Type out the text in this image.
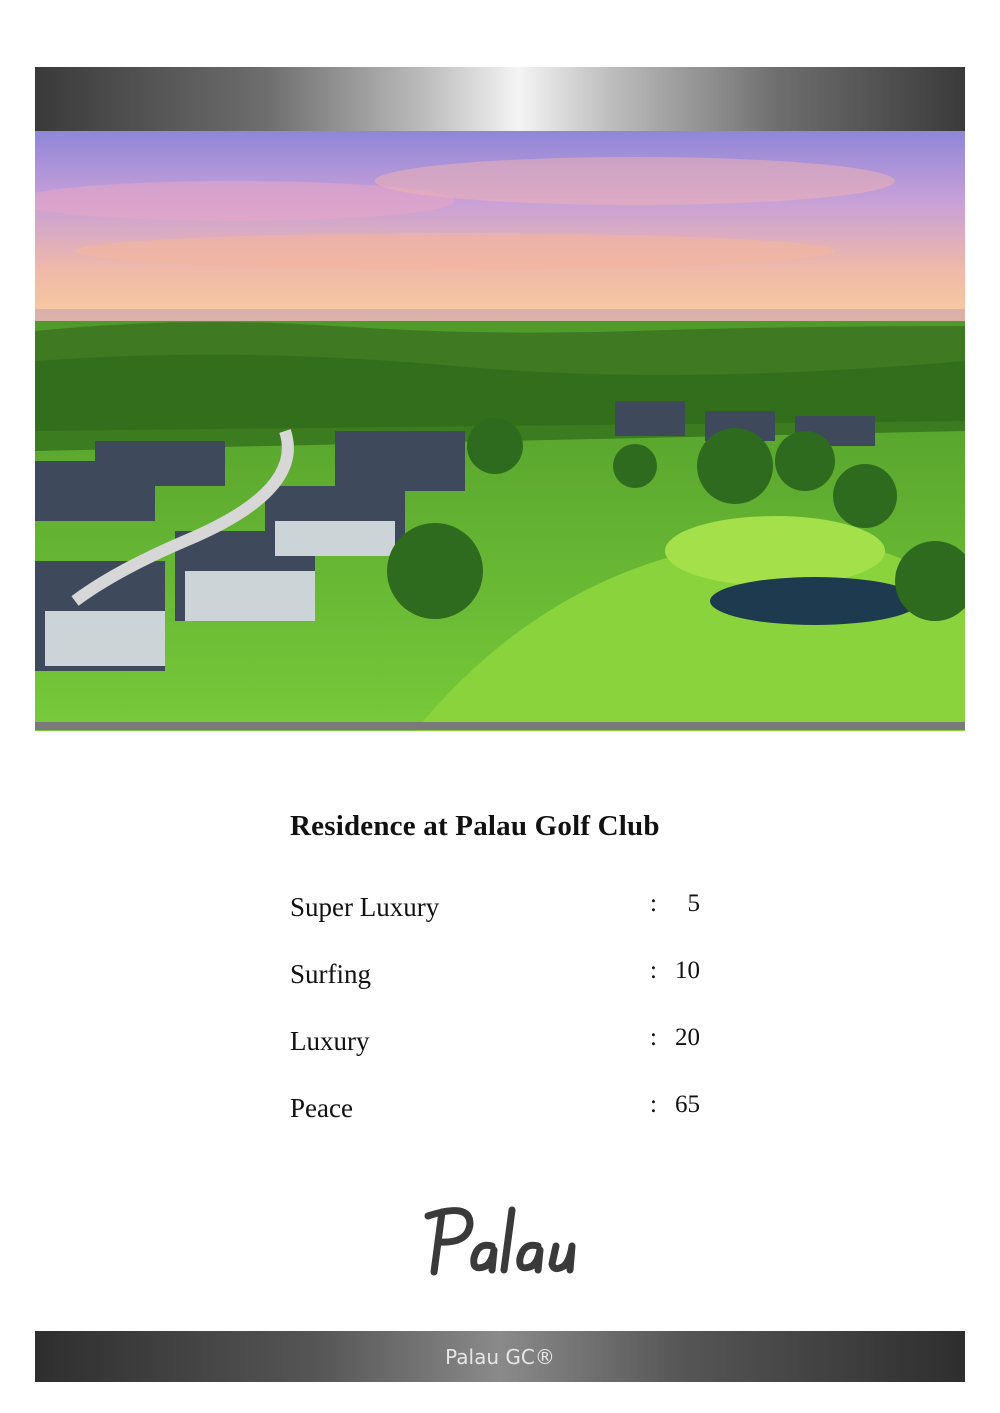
Residence at Palau Golf Club
Super Luxury	: 5
Surfing	: 10
Luxury	: 20
Peace	: 65
Palau GC®
